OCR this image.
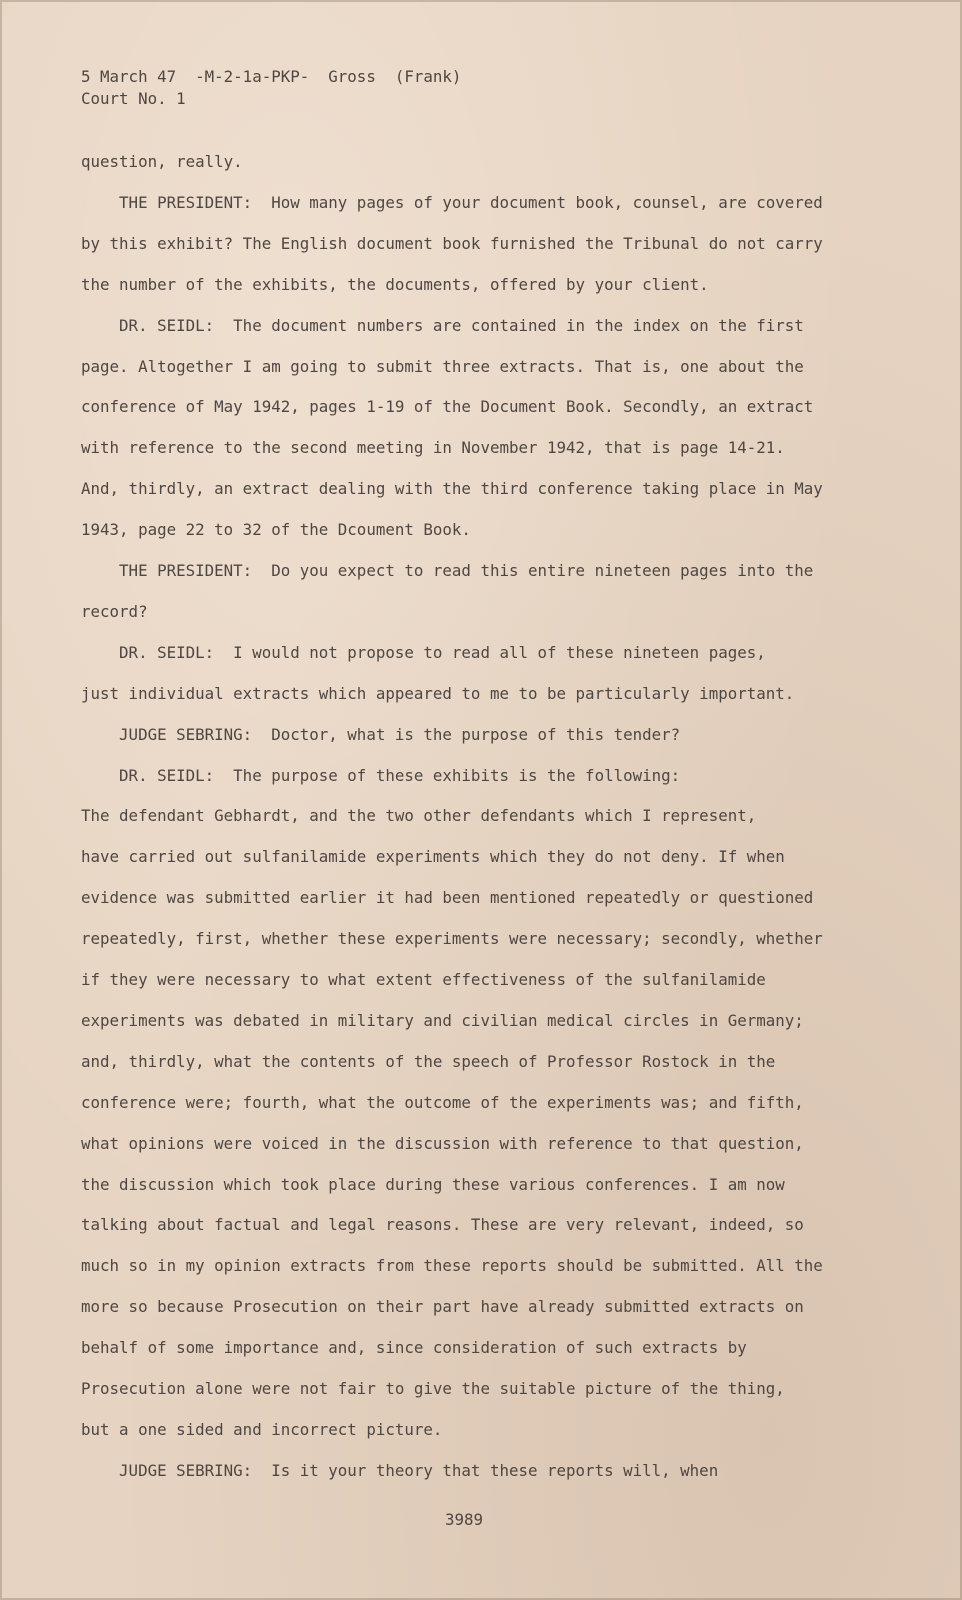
5 March 47  -M-2-1a-PKP-  Gross  (Frank)
Court No. 1
question, really.
THE PRESIDENT:  How many pages of your document book, counsel, are covered
by this exhibit? The English document book furnished the Tribunal do not carry
the number of the exhibits, the documents, offered by your client.
DR. SEIDL:  The document numbers are contained in the index on the first
page. Altogether I am going to submit three extracts. That is, one about the
conference of May 1942, pages 1-19 of the Document Book. Secondly, an extract
with reference to the second meeting in November 1942, that is page 14-21.
And, thirdly, an extract dealing with the third conference taking place in May
1943, page 22 to 32 of the Dcoument Book.
THE PRESIDENT:  Do you expect to read this entire nineteen pages into the
record?
DR. SEIDL:  I would not propose to read all of these nineteen pages,
just individual extracts which appeared to me to be particularly important.
JUDGE SEBRING:  Doctor, what is the purpose of this tender?
DR. SEIDL:  The purpose of these exhibits is the following:
The defendant Gebhardt, and the two other defendants which I represent,
have carried out sulfanilamide experiments which they do not deny. If when
evidence was submitted earlier it had been mentioned repeatedly or questioned
repeatedly, first, whether these experiments were necessary; secondly, whether
if they were necessary to what extent effectiveness of the sulfanilamide
experiments was debated in military and civilian medical circles in Germany;
and, thirdly, what the contents of the speech of Professor Rostock in the
conference were; fourth, what the outcome of the experiments was; and fifth,
what opinions were voiced in the discussion with reference to that question,
the discussion which took place during these various conferences. I am now
talking about factual and legal reasons. These are very relevant, indeed, so
much so in my opinion extracts from these reports should be submitted. All the
more so because Prosecution on their part have already submitted extracts on
behalf of some importance and, since consideration of such extracts by
Prosecution alone were not fair to give the suitable picture of the thing,
but a one sided and incorrect picture.
JUDGE SEBRING:  Is it your theory that these reports will, when
3989
